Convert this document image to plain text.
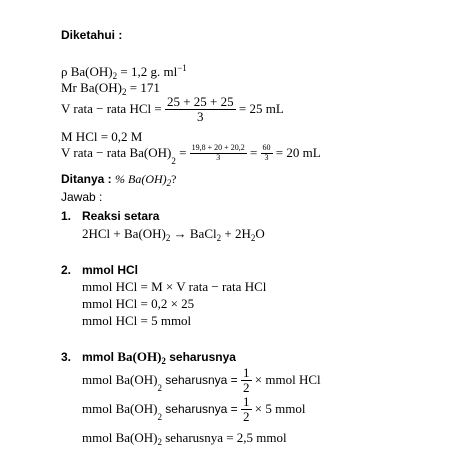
Diketahui :
ρ $Ba(OH)_2 = 1,2$ g. $ml^{-1}$
Mr $Ba(OH)_2 = 171$
V rata − rata HCl = $\frac{25 + 25 + 25}{3} = 25$ mL
M HCl = 0,2 M
V rata − rata $Ba(OH)_2 = \frac{19,8 + 20 + 20,2}{3} = \frac{60}{3} = 20$ mL
Ditanya : % $Ba(OH)_2$?
Jawab :
1. Reaksi setara
$2HCl + Ba(OH)_2$ → BaCl$_2$ + $2H_2O$
2. mmol HCl
mmol HCl = M × V rata − rata HCl
mmol HCl = 0,2 × 25
mmol HCl = 5 mmol
3. mmol $Ba(OH)_2$ seharusnya
mmol $Ba(OH)_2$ seharusnya = $\frac{1}{2}$ × mmol HCl
mmol $Ba(OH)_2$ seharusnya = $\frac{1}{2} \times 5$ mmol
mmol $Ba(OH)_2$ seharusnya = 2,5 mmol
